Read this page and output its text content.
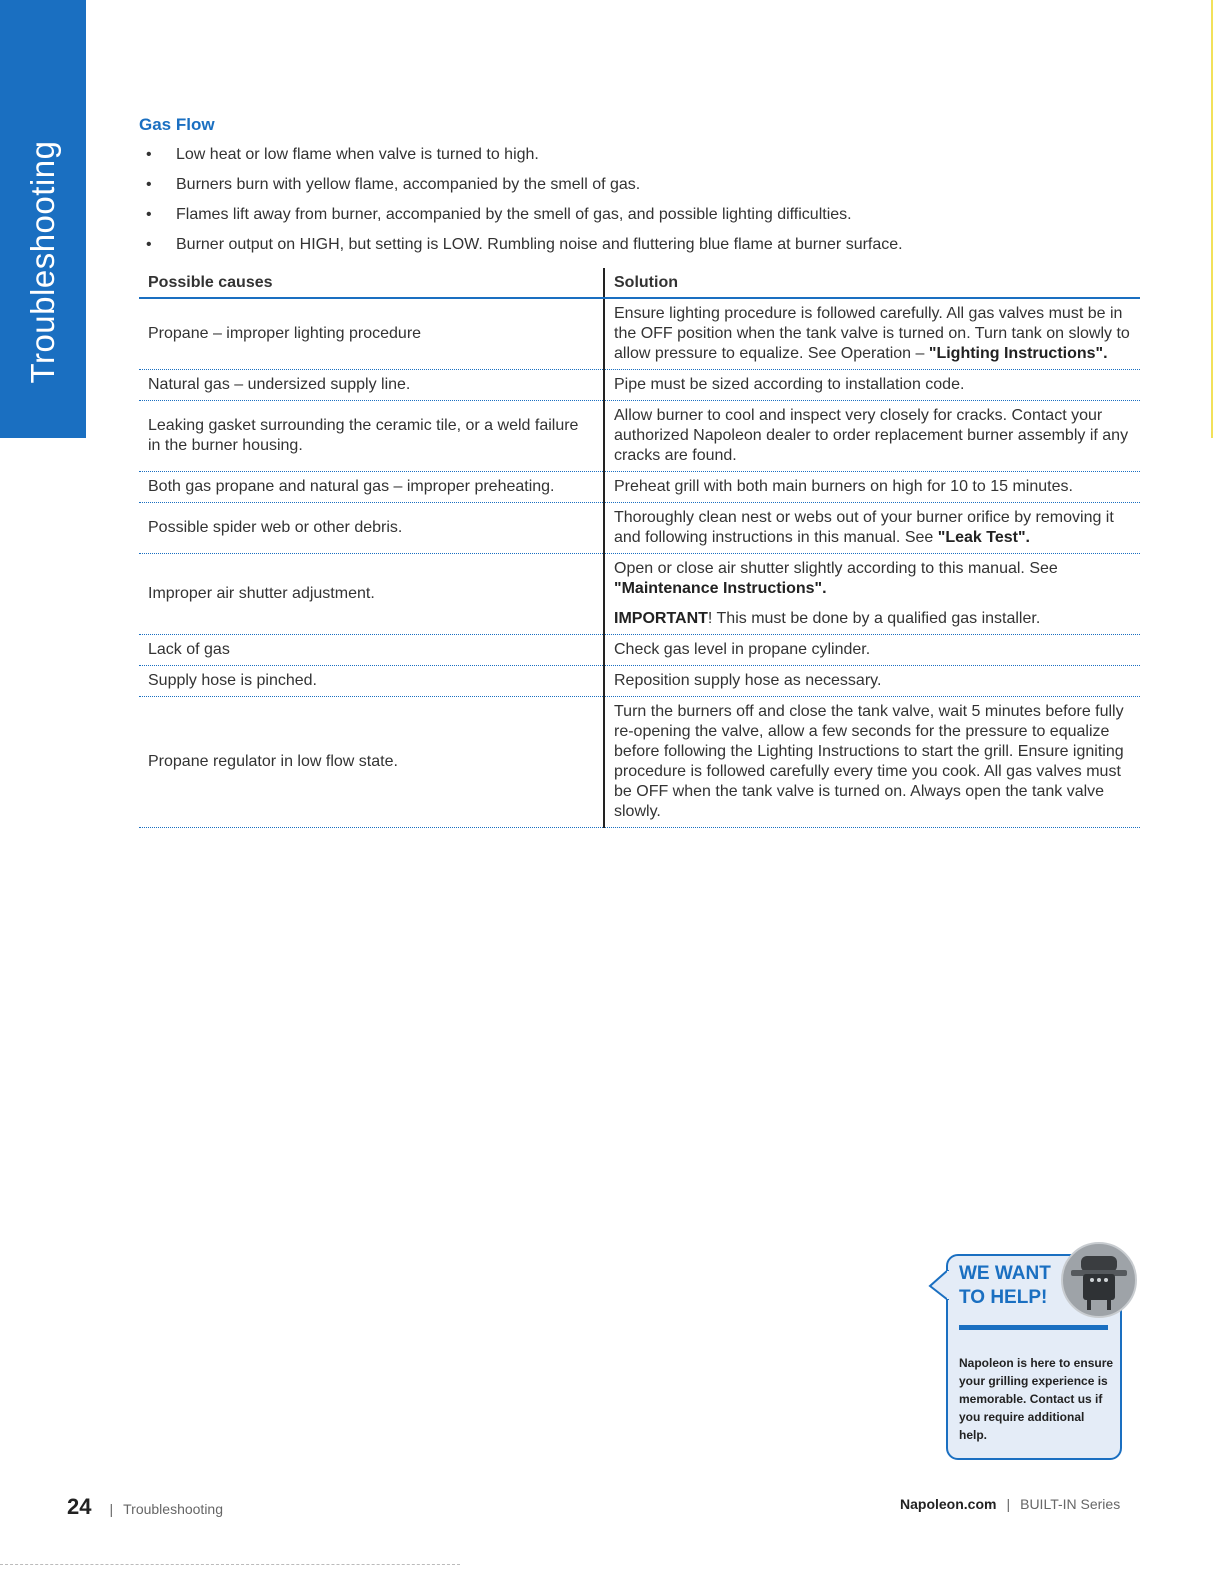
Troubleshooting
Gas Flow
• Low heat or low flame when valve is turned to high.
• Burners burn with yellow flame, accompanied by the smell of gas.
• Flames lift away from burner, accompanied by the smell of gas, and possible lighting difficulties.
• Burner output on HIGH, but setting is LOW. Rumbling noise and fluttering blue flame at burner surface.
Possible causes	Solution
Propane – improper lighting procedure	Ensure lighting procedure is followed carefully. All gas valves must be in the OFF position when the tank valve is turned on. Turn tank on slowly to allow pressure to equalize. See Operation – "Lighting Instructions".
Natural gas – undersized supply line.	Pipe must be sized according to installation code.
Leaking gasket surrounding the ceramic tile, or a weld failure in the burner housing.	Allow burner to cool and inspect very closely for cracks. Contact your authorized Napoleon dealer to order replacement burner assembly if any cracks are found.
Both gas propane and natural gas – improper preheating.	Preheat grill with both main burners on high for 10 to 15 minutes.
Possible spider web or other debris.	Thoroughly clean nest or webs out of your burner orifice by removing it and following instructions in this manual. See "Leak Test".
Improper air shutter adjustment.	Open or close air shutter slightly according to this manual. See "Maintenance Instructions".
IMPORTANT! This must be done by a qualified gas installer.

Lack of gas	Check gas level in propane cylinder.
Supply hose is pinched.	Reposition supply hose as necessary.
Propane regulator in low flow state.	Turn the burners off and close the tank valve, wait 5 minutes before fully re-opening the valve, allow a few seconds for the pressure to equalize before following the Lighting Instructions to start the grill. Ensure igniting procedure is followed carefully every time you cook. All gas valves must be OFF when the tank valve is turned on. Always open the tank valve slowly.
WE WANT TO HELP!
Napoleon is here to ensure your grilling experience is memorable. Contact us if you require additional help.
24 | Troubleshooting	Napoleon.com | BUILT-IN Series
